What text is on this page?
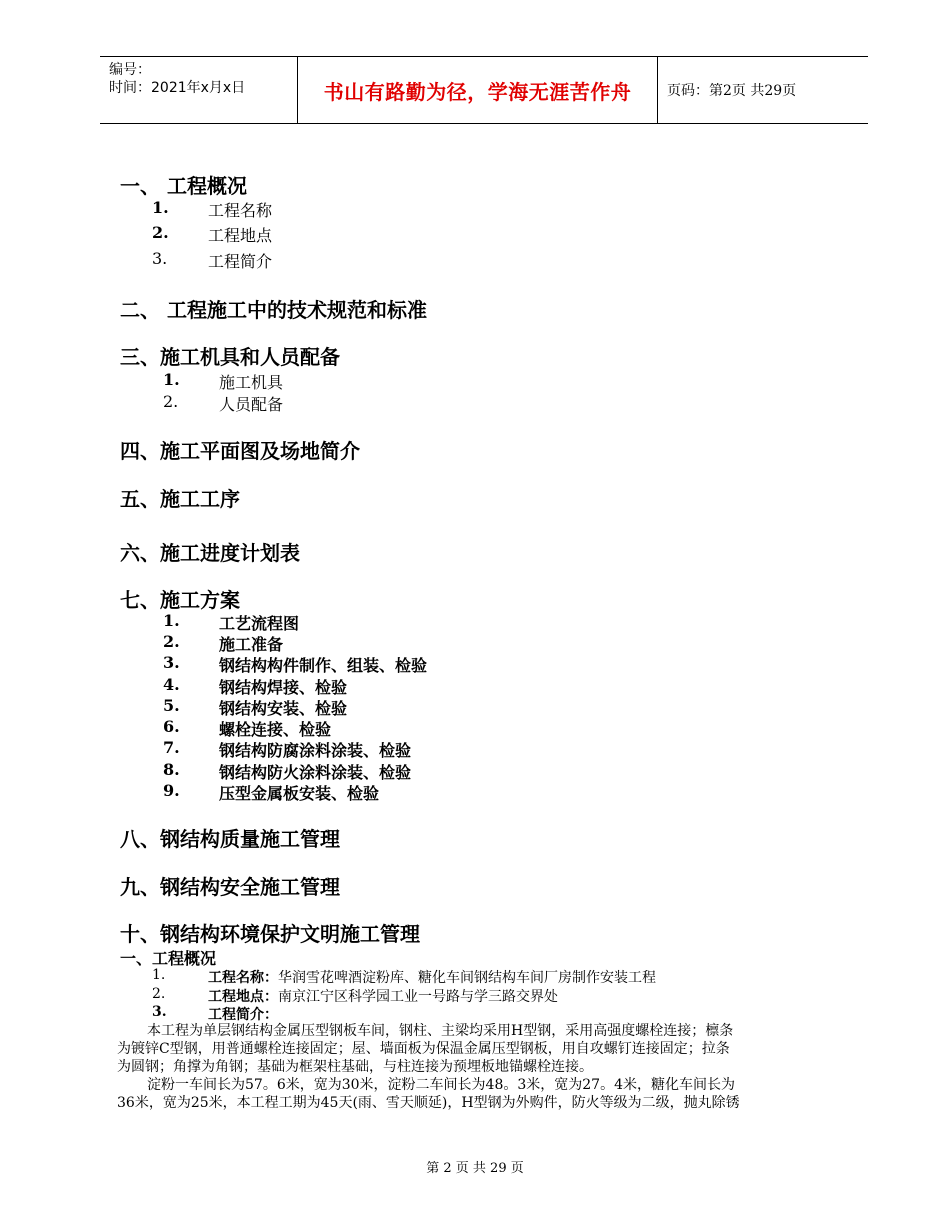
编号：
时间：2021年x月x日	书山有路勤为径，学海无涯苦作舟	页码：第2页 共29页
一、 工程概况
1. 工程名称
2. 工程地点
3.	工程简介
二、 工程施工中的技术规范和标准
三、施工机具和人员配备
1. 施工机具
2.	人员配备
四、施工平面图及场地简介
五、施工工序
六、施工进度计划表
七、施工方案
1. 工艺流程图
2. 施工准备
3. 钢结构构件制作、组装、检验
4. 钢结构焊接、检验
5. 钢结构安装、检验
6. 螺栓连接、检验
7. 钢结构防腐涂料涂装、检验
8. 钢结构防火涂料涂装、检验
9. 压型金属板安装、检验
八、钢结构质量施工管理
九、钢结构安全施工管理
十、钢结构环境保护文明施工管理
一、工程概况
1.	工程名称：华润雪花啤酒淀粉库、糖化车间钢结构车间厂房制作安装工程
2.	工程地点：南京江宁区科学园工业一号路与学三路交界处
3.	工程简介：
本工程为单层钢结构金属压型钢板车间，钢柱、主梁均采用H型钢，采用高强度螺栓连接；檩条
为镀锌C型钢，用普通螺栓连接固定；屋、墙面板为保温金属压型钢板，用自攻螺钉连接固定；拉条
为圆钢；角撑为角钢；基础为框架柱基础，与柱连接为预埋板地锚螺栓连接。
淀粉一车间长为57。6米，宽为30米，淀粉二车间长为48。3米，宽为27。4米，糖化车间长为
36米，宽为25米，本工程工期为45天(雨、雪天顺延)，H型钢为外购件，防火等级为二级，抛丸除锈
第 2 页 共 29 页
